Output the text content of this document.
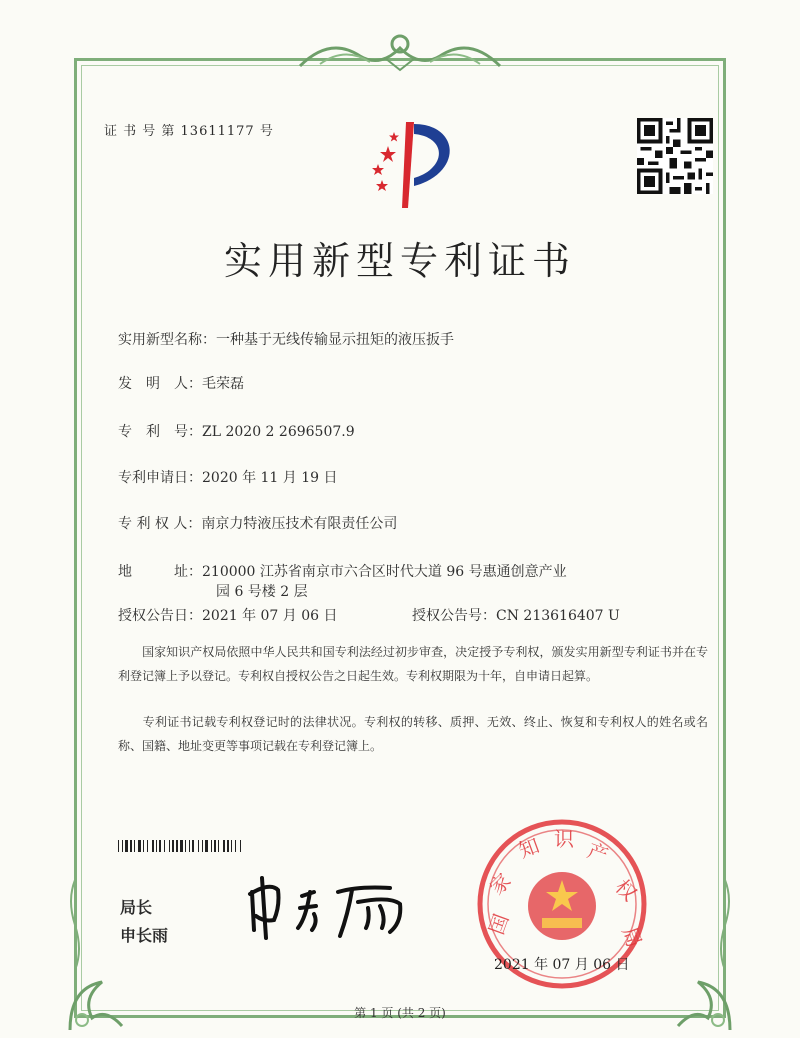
证 书 号 第 13611177 号
实用新型专利证书
实用新型名称：一种基于无线传输显示扭矩的液压扳手
发　明　人：毛荣磊
专　利　号：ZL 2020 2 2696507.9
专利申请日：2020 年 11 月 19 日
专 利 权 人：南京力特液压技术有限责任公司
地　　　址：210000 江苏省南京市六合区时代大道 96 号惠通创意产业
园 6 号楼 2 层
授权公告日：2021 年 07 月 06 日	授权公告号：CN 213616407 U
　　国家知识产权局依照中华人民共和国专利法经过初步审查，决定授予专利权，颁发实用新型专利证书并在专利登记簿上予以登记。专利权自授权公告之日起生效。专利权期限为十年，自申请日起算。
　　专利证书记载专利权登记时的法律状况。专利权的转移、质押、无效、终止、恢复和专利权人的姓名或名称、国籍、地址变更等事项记载在专利登记簿上。
局长
申长雨	国
家
知 识 产
权
局
2021 年 07 月 06 日
第 1 页 (共 2 页)
